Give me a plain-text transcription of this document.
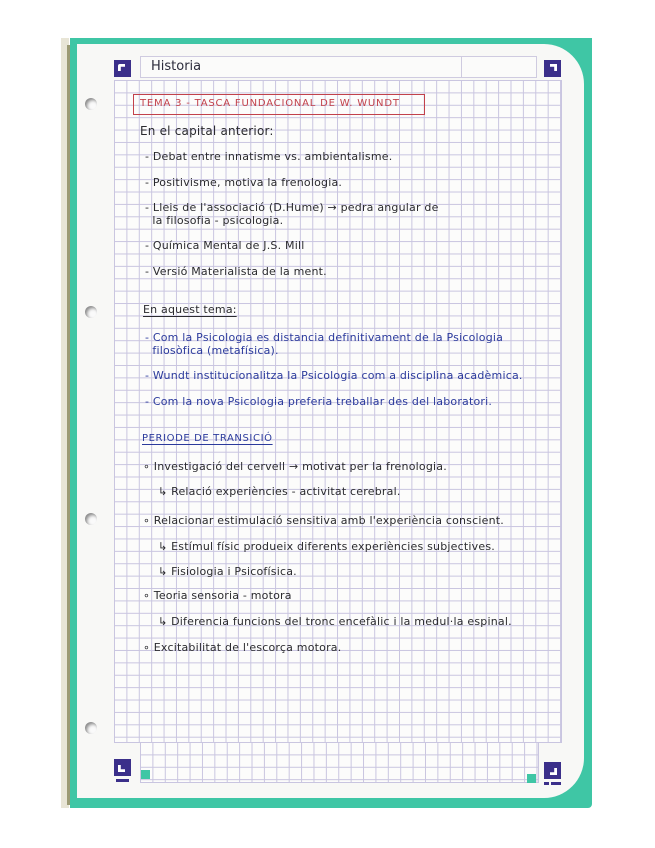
Historia
TEMA 3 - TASCA FUNDACIONAL DE W. WUNDT
En el capital anterior:
- Debat entre innatisme vs. ambientalisme.
- Positivisme, motiva la frenologia.
- Lleis de l'associació (D.Hume) → pedra angular de
la filosofia - psicologia.
- Química Mental de J.S. Mill
- Versió Materialista de la ment.
En aquest tema:
- Com la Psicologia es distancia definitivament de la Psicologia
filosòfica (metafísica).
- Wundt institucionalitza la Psicologia com a disciplina acadèmica.
- Com la nova Psicologia preferia treballar des del laboratori.
PERIODE DE TRANSICIÓ
∘ Investigació del cervell → motivat per la frenologia.
↳ Relació experiències - activitat cerebral.
∘ Relacionar estimulació sensitiva amb l'experiència conscient.
↳ Estímul físic produeix diferents experiències subjectives.
↳ Fisiologia i Psicofísica.
∘ Teoria sensoria - motora
↳ Diferencia funcions del tronc encefàlic i la medul·la espinal.
∘ Excitabilitat de l'escorça motora.
